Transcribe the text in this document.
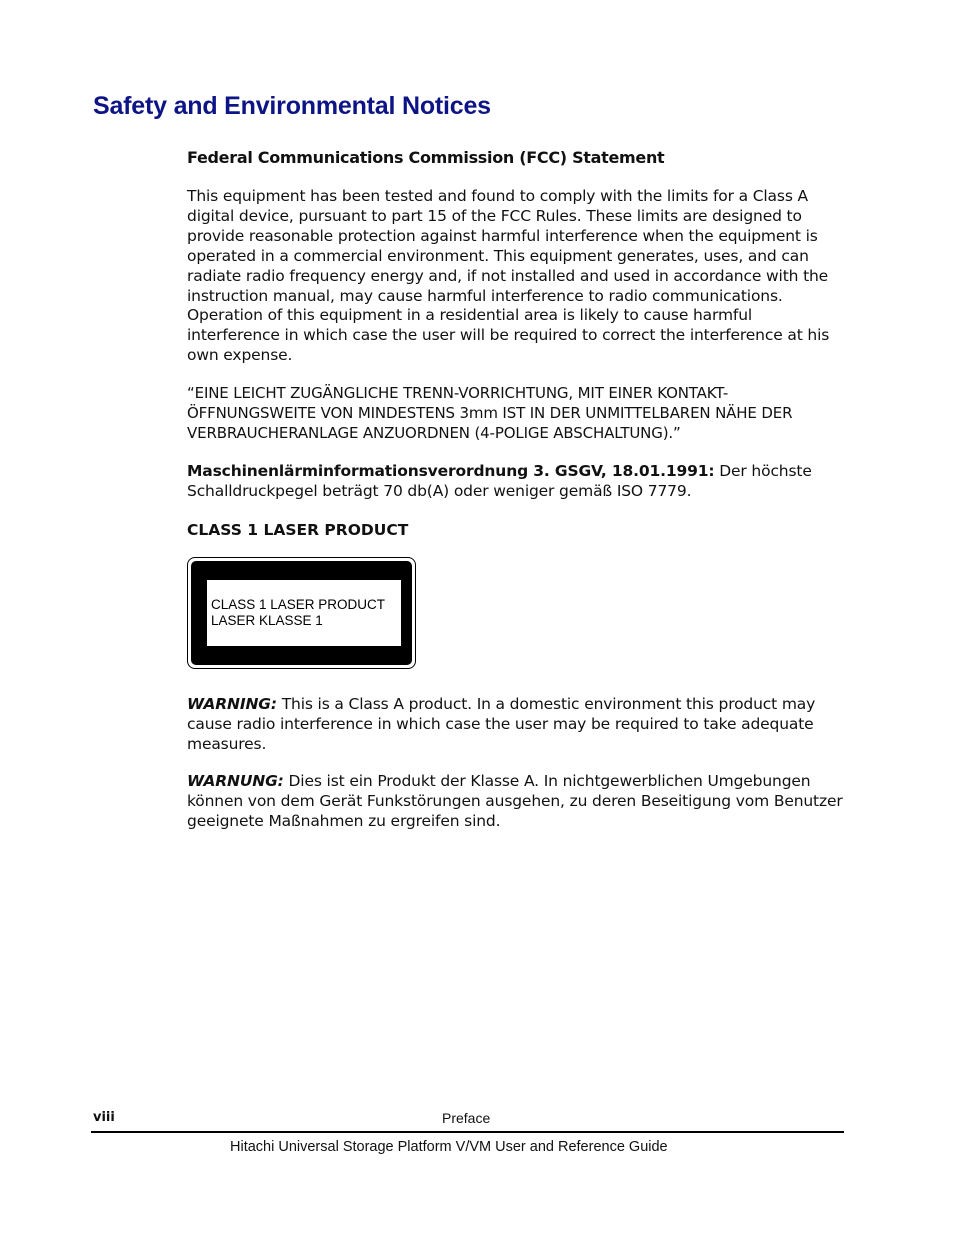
Safety and Environmental Notices
Federal Communications Commission (FCC) Statement

This equipment has been tested and found to comply with the limits for a Class A digital device, pursuant to part 15 of the FCC Rules. These limits are designed to provide reasonable protection against harmful interference when the equipment is operated in a commercial environment. This equipment generates, uses, and can radiate radio frequency energy and, if not installed and used in accordance with the instruction manual, may cause harmful interference to radio communications. Operation of this equipment in a residential area is likely to cause harmful interference in which case the user will be required to correct the interference at his own expense.

“EINE LEICHT ZUGÄNGLICHE TRENN-VORRICHTUNG, MIT EINER KONTAKT-ÖFFNUNGSWEITE VON MINDESTENS 3mm IST IN DER UNMITTELBAREN NÄHE DER VERBRAUCHERANLAGE ANZUORDNEN (4-POLIGE ABSCHALTUNG).”

Maschinenlärminformationsverordnung 3. GSGV, 18.01.1991: Der höchste Schalldruckpegel beträgt 70 db(A) oder weniger gemäß ISO 7779.

CLASS 1 LASER PRODUCT
CLASS 1 LASER PRODUCT
LASER KLASSE 1

WARNING: This is a Class A product. In a domestic environment this product may cause radio interference in which case the user may be required to take adequate measures.

WARNUNG: Dies ist ein Produkt der Klasse A. In nichtgewerblichen Umgebungen können von dem Gerät Funkstörungen ausgehen, zu deren Beseitigung vom Benutzer geeignete Maßnahmen zu ergreifen sind.

viii	Preface
Hitachi Universal Storage Platform V/VM User and Reference Guide
